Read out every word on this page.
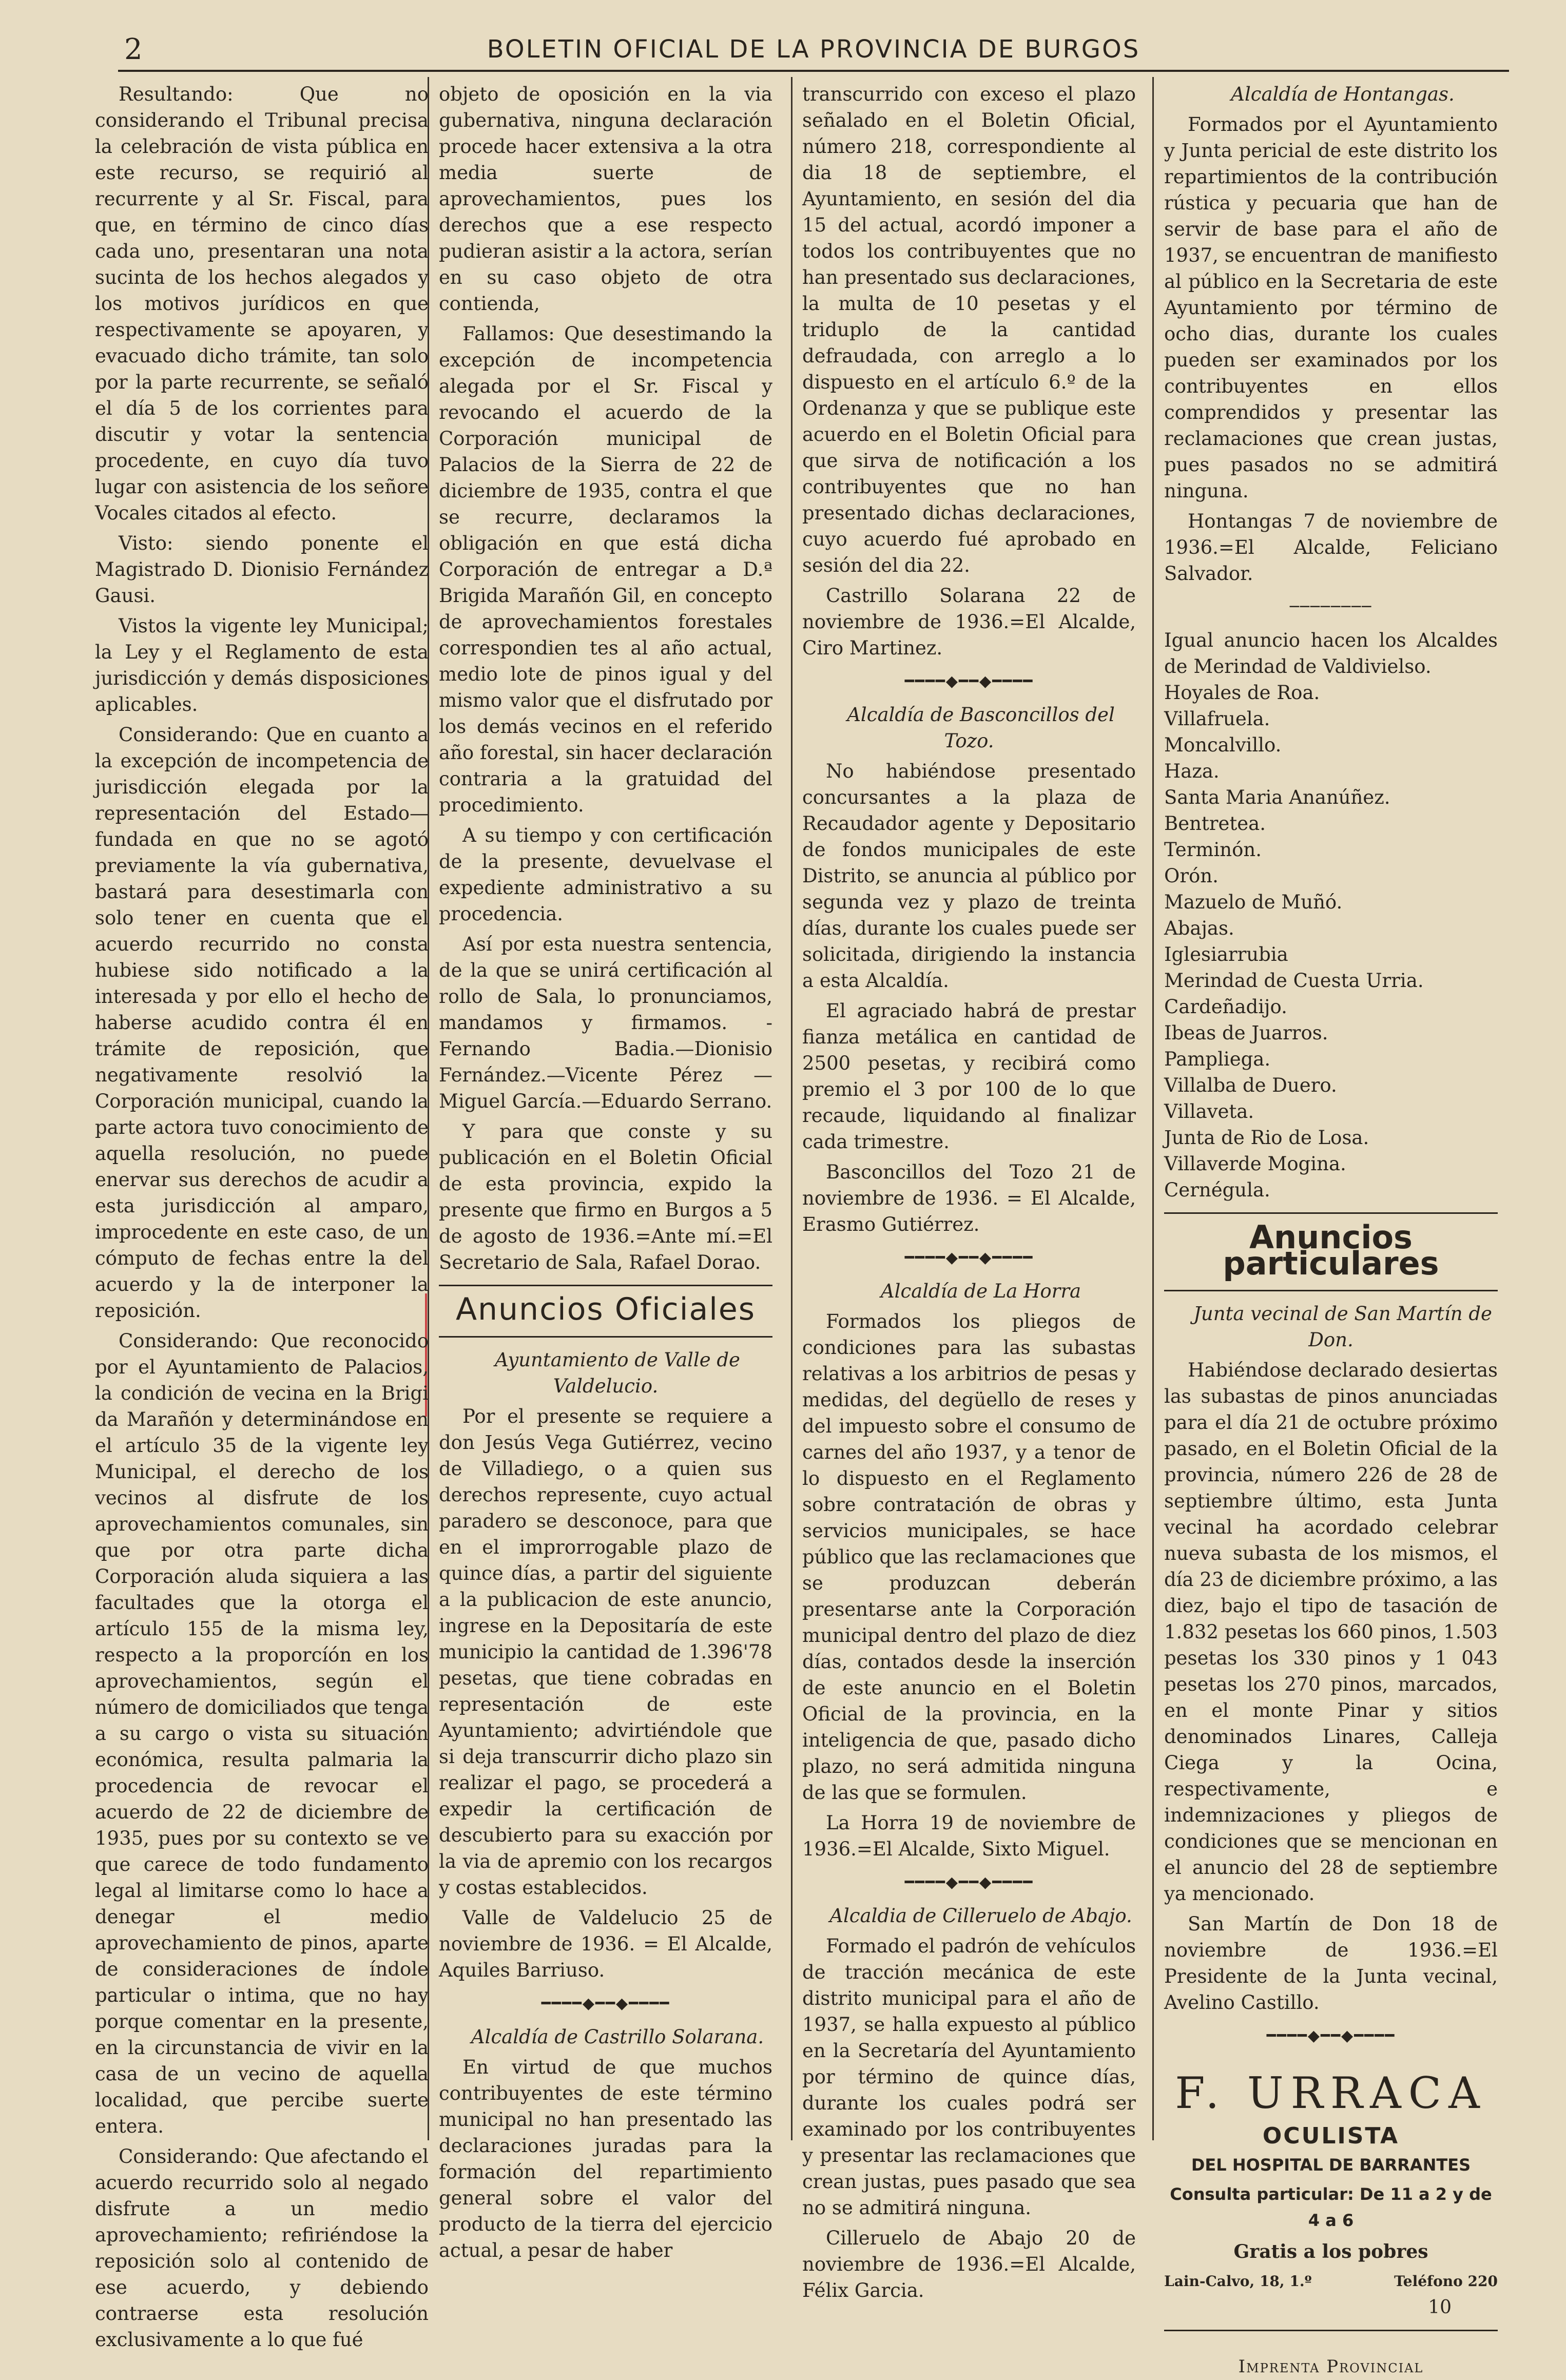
2	BOLETIN OFICIAL DE LA PROVINCIA DE BURGOS

Resultando: Que no considerando el Tribunal precisa la celebración de vista pública en este recurso, se requirió al recurrente y al Sr. Fiscal, para que, en término de cinco días cada uno, presentaran una nota sucinta de los hechos alegados y los motivos jurídicos en que respectivamente se apoyaren, y evacuado dicho trámite, tan solo por la parte recurrente, se señaló el día 5 de los corrientes para discutir y votar la sentencia procedente, en cuyo día tuvo lugar con asistencia de los señore Vocales citados al efecto.

Visto: siendo ponente el Magistrado D. Dionisio Fernández Gausi.

Vistos la vigente ley Municipal; la Ley y el Reglamento de esta jurisdicción y demás disposiciones aplicables.

Considerando: Que en cuanto a la excepción de incompetencia de jurisdicción elegada por la representación del Estado—fundada en que no se agotó previamente la vía gubernativa, bastará para desestimarla con solo tener en cuenta que el acuerdo recurrido no consta hubiese sido notificado a la interesada y por ello el hecho de haberse acudido contra él en trámite de reposición, que negativamente resolvió la Corporación municipal, cuando la parte actora tuvo conocimiento de aquella resolución, no puede enervar sus derechos de acudir a esta jurisdicción al amparo, improcedente en este caso, de un cómputo de fechas entre la del acuerdo y la de interponer la reposición.

Considerando: Que reconocido por el Ayuntamiento de Palacios, la condición de vecina en la Brigi da Marañón y determinándose en el artículo 35 de la vigente ley Municipal, el derecho de los vecinos al disfrute de los aprovechamientos comunales, sin que por otra parte dicha Corporación aluda siquiera a las facultades que la otorga el artículo 155 de la misma ley, respecto a la proporcíón en los aprovechamientos, según el número de domiciliados que tenga a su cargo o vista su situación económica, resulta palmaria la procedencia de revocar el acuerdo de 22 de diciembre de 1935, pues por su contexto se ve que carece de todo fundamento legal al limitarse como lo hace a denegar el medio aprovechamiento de pinos, aparte de consideraciones de índole particular o intima, que no hay porque comentar en la presente, en la circunstancia de vivir en la casa de un vecino de aquella localidad, que percibe suerte entera.

Considerando: Que afectando el acuerdo recurrido solo al negado disfrute a un medio aprovechamiento; refiriéndose la reposición solo al contenido de ese acuerdo, y debiendo contraerse esta resolución exclusivamente a lo que fué

objeto de oposición en la via gubernativa, ninguna declaración procede hacer extensiva a la otra media suerte de aprovechamientos, pues los derechos que a ese respecto pudieran asistir a la actora, serían en su caso objeto de otra contienda,

Fallamos: Que desestimando la excepción de incompetencia alegada por el Sr. Fiscal y revocando el acuerdo de la Corporación municipal de Palacios de la Sierra de 22 de diciembre de 1935, contra el que se recurre, declaramos la obligación en que está dicha Corporación de entregar a D.ª Brigida Marañón Gil, en concepto de aprovechamientos forestales correspondien tes al año actual, medio lote de pinos igual y del mismo valor que el disfrutado por los demás vecinos en el referido año forestal, sin hacer declaración contraria a la gratuidad del procedimiento.

A su tiempo y con certificación de la presente, devuelvase el expediente administrativo a su procedencia.

Así por esta nuestra sentencia, de la que se unirá certificación al rollo de Sala, lo pronunciamos, mandamos y firmamos. - Fernando Badia.—Dionisio Fernández.—Vicente Pérez — Miguel García.—Eduardo Serrano.

Y para que conste y su publicación en el Boletin Oficial de esta provincia, expido la presente que firmo en Burgos a 5 de agosto de 1936.=Ante mí.=El Secretario de Sala, Rafael Dorao.

Anuncios Oficiales

Ayuntamiento de Valle de Valdelucio.

Por el presente se requiere a don Jesús Vega Gutiérrez, vecino de Villadiego, o a quien sus derechos represente, cuyo actual paradero se desconoce, para que en el improrrogable plazo de quince días, a partir del siguiente a la publicacion de este anuncio, ingrese en la Depositaría de este municipio la cantidad de 1.396'78 pesetas, que tiene cobradas en representación de este Ayuntamiento; advirtiéndole que si deja transcurrir dicho plazo sin realizar el pago, se procederá a expedir la certificación de descubierto para su exacción por la via de apremio con los recargos y costas establecidos.

Valle de Valdelucio 25 de noviembre de 1936. = El Alcalde, Aquiles Barriuso.

━━━━◆━━◆━━━━

Alcaldía de Castrillo Solarana.

En virtud de que muchos contribuyentes de este término municipal no han presentado las declaraciones juradas para la formación del repartimiento general sobre el valor del producto de la tierra del ejercicio actual, a pesar de haber

transcurrido con exceso el plazo señalado en el Boletin Oficial, número 218, correspondiente al dia 18 de septiembre, el Ayuntamiento, en sesión del dia 15 del actual, acordó imponer a todos los contribuyentes que no han presentado sus declaraciones, la multa de 10 pesetas y el triduplo de la cantidad defraudada, con arreglo a lo dispuesto en el artículo 6.º de la Ordenanza y que se publique este acuerdo en el Boletin Oficial para que sirva de notificación a los contribuyentes que no han presentado dichas declaraciones, cuyo acuerdo fué aprobado en sesión del dia 22.

Castrillo Solarana 22 de noviembre de 1936.=El Alcalde, Ciro Martinez.

━━━━◆━━◆━━━━

Alcaldía de Basconcillos del Tozo.

No habiéndose presentado concursantes a la plaza de Recaudador agente y Depositario de fondos municipales de este Distrito, se anuncia al público por segunda vez y plazo de treinta días, durante los cuales puede ser solicitada, dirigiendo la instancia a esta Alcaldía.

El agraciado habrá de prestar fianza metálica en cantidad de 2500 pesetas, y recibirá como premio el 3 por 100 de lo que recaude, liquidando al finalizar cada trimestre.

Basconcillos del Tozo 21 de noviembre de 1936. = El Alcalde, Erasmo Gutiérrez.

━━━━◆━━◆━━━━

Alcaldía de La Horra

Formados los pliegos de condiciones para las subastas relativas a los arbitrios de pesas y medidas, del degüello de reses y del impuesto sobre el consumo de carnes del año 1937, y a tenor de lo dispuesto en el Reglamento sobre contratación de obras y servicios municipales, se hace público que las reclamaciones que se produzcan deberán presentarse ante la Corporación municipal dentro del plazo de diez días, contados desde la inserción de este anuncio en el Boletin Oficial de la provincia, en la inteligencia de que, pasado dicho plazo, no será admitida ninguna de las que se formulen.

La Horra 19 de noviembre de 1936.=El Alcalde, Sixto Miguel.

━━━━◆━━◆━━━━

Alcaldia de Cilleruelo de Abajo.

Formado el padrón de vehículos de tracción mecánica de este distrito municipal para el año de 1937, se halla expuesto al público en la Secretaría del Ayuntamiento por término de quince días, durante los cuales podrá ser examinado por los contribuyentes y presentar las reclamaciones que crean justas, pues pasado que sea no se admitirá ninguna.

Cilleruelo de Abajo 20 de noviembre de 1936.=El Alcalde, Félix Garcia.

Alcaldía de Hontangas.

Formados por el Ayuntamiento y Junta pericial de este distrito los repartimientos de la contribución rústica y pecuaria que han de servir de base para el año de 1937, se encuentran de manifiesto al público en la Secretaria de este Ayuntamiento por término de ocho dias, durante los cuales pueden ser examinados por los contribuyentes en ellos comprendidos y presentar las reclamaciones que crean justas, pues pasados no se admitirá ninguna.

Hontangas 7 de noviembre de 1936.=El Alcalde, Feliciano Salvador.

────────
Igual anuncio hacen los Alcaldes de Merindad de Valdivielso.
Hoyales de Roa.
Villafruela.
Moncalvillo.
Haza.
Santa Maria Ananúñez.
Bentretea.
Terminón.
Orón.
Mazuelo de Muñó.
Abajas.
Iglesiarrubia
Merindad de Cuesta Urria.
Cardeñadijo.
Ibeas de Juarros.
Pampliega.
Villalba de Duero.
Villaveta.
Junta de Rio de Losa.
Villaverde Mogina.
Cernégula.
Anuncios particulares

Junta vecinal de San Martín de Don.

Habiéndose declarado desiertas las subastas de pinos anunciadas para el día 21 de octubre próximo pasado, en el Boletin Oficial de la provincia, número 226 de 28 de septiembre último, esta Junta vecinal ha acordado celebrar nueva subasta de los mismos, el día 23 de diciembre próximo, a las diez, bajo el tipo de tasación de 1.832 pesetas los 660 pinos, 1.503 pesetas los 330 pinos y 1 043 pesetas los 270 pinos, marcados, en el monte Pinar y sitios denominados Linares, Calleja Ciega y la Ocina, respectivamente, e indemnizaciones y pliegos de condiciones que se mencionan en el anuncio del 28 de septiembre ya mencionado.

San Martín de Don 18 de noviembre de 1936.=El Presidente de la Junta vecinal, Avelino Castillo.

━━━━◆━━◆━━━━
F. URRACA
OCULISTA
DEL HOSPITAL DE BARRANTES
Consulta particular: De 11 a 2 y de 4 a 6
Gratis a los pobres
Lain-Calvo, 18, 1.º	Teléfono 220
10
Imprenta Provincial
